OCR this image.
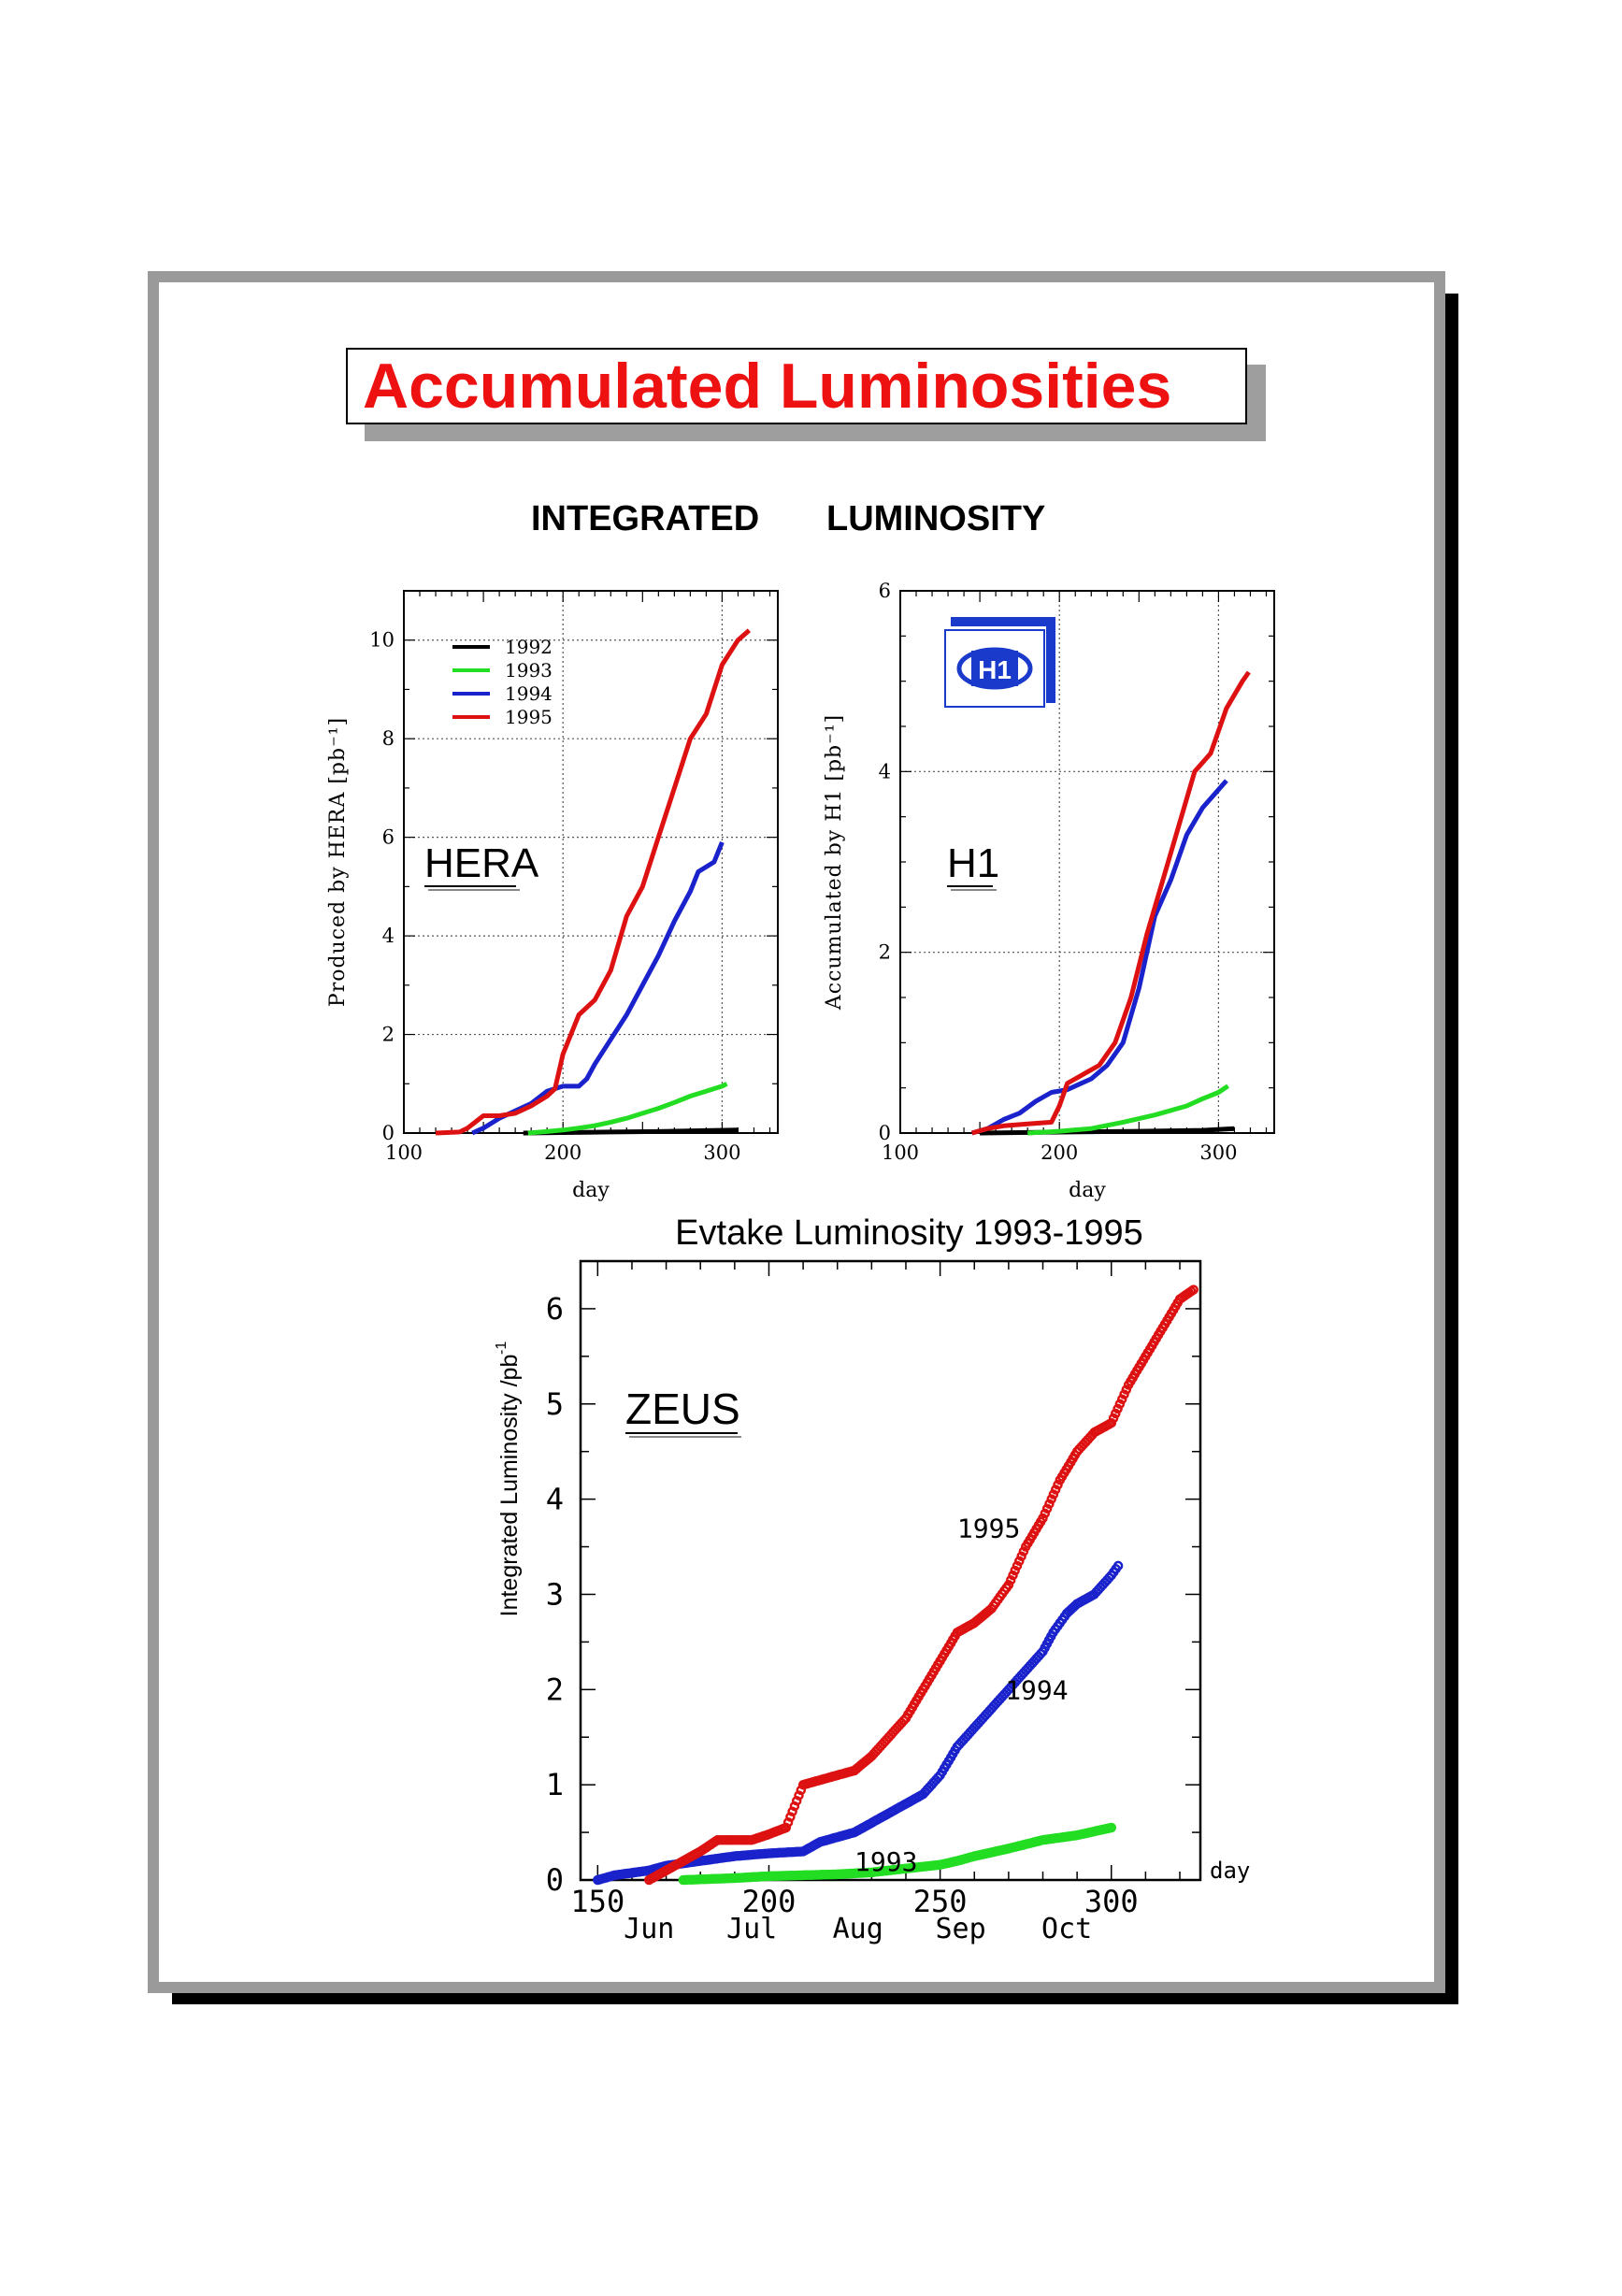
Accumulated Luminosities
INTEGRATED LUMINOSITY
100	200	300
0
2
4
6
8
10
day
Produced by HERA [pb⁻¹]
1992
1993
1994
1995
HERA
100	200	300
0
2
4
6
day
Accumulated by H1 [pb⁻¹] H1
H1
Evtake Luminosity 1993-1995
150	200	250	300
0
1
2
3
4
5
6
Jun Jul Aug Sep Oct
day
Integrated Luminosity /pb
-1
1995
1994
1993
ZEUS
